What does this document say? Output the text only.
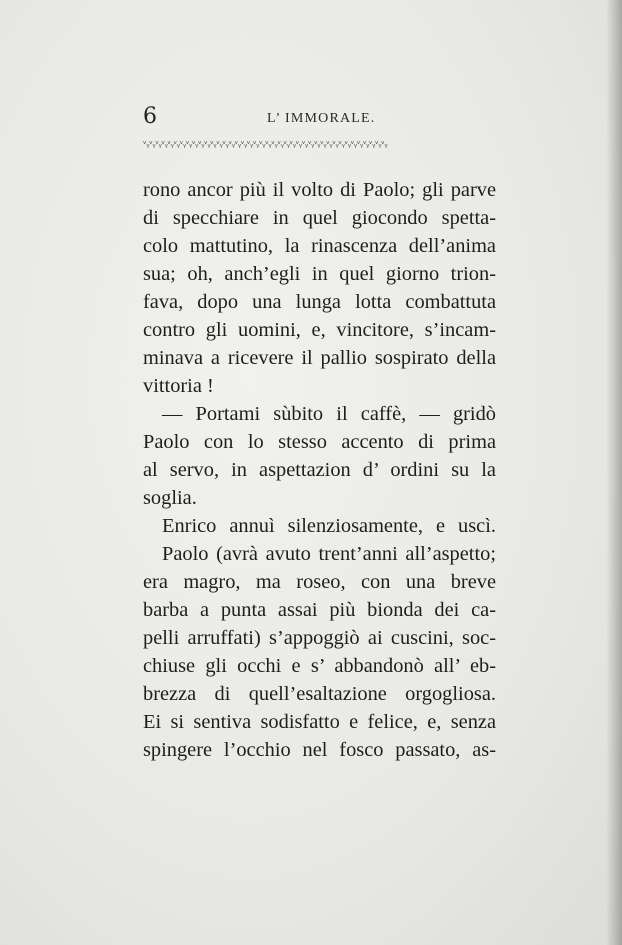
6	L’ IMMORALE.
ᵛᵧᵛᵧᵛᵧᵛᵧᵛᵧᵛᵧᵛᵧᵛᵧᵛᵧᵛᵧᵛᵧᵛᵧᵛᵧᵛᵧᵛᵧᵛᵧᵛᵧᵛᵧᵛᵧᵛᵧᵛᵧᵛᵧᵛᵧᵛᵧᵛᵧᵛᵧᵛᵧᵛᵧᵛᵧᵛᵧᵛᵧᵛᵧᵛᵧᵛᵧᵛᵧᵛᵧᵛᵧᵛᵧᵛᵧᵛᵧ
rono ancor più il volto di Paolo; gli parve
di specchiare in quel giocondo spetta-
colo mattutino, la rinascenza dell’anima
sua; oh, anch’egli in quel giorno trion-
fava, dopo una lunga lotta combattuta
contro gli uomini, e, vincitore, s’incam-
minava a ricevere il pallio sospirato della
vittoria !
— Portami sùbito il caffè, — gridò
Paolo con lo stesso accento di prima
al servo, in aspettazion d’ ordini su la
soglia.
Enrico annuì silenziosamente, e uscì.
Paolo (avrà avuto trent’anni all’aspetto;
era magro, ma roseo, con una breve
barba a punta assai più bionda dei ca-
pelli arruffati) s’appoggiò ai cuscini, soc-
chiuse gli occhi e s’ abbandonò all’ eb-
brezza di quell’esaltazione orgogliosa.
Ei si sentiva sodisfatto e felice, e, senza
spingere l’occhio nel fosco passato, as-
